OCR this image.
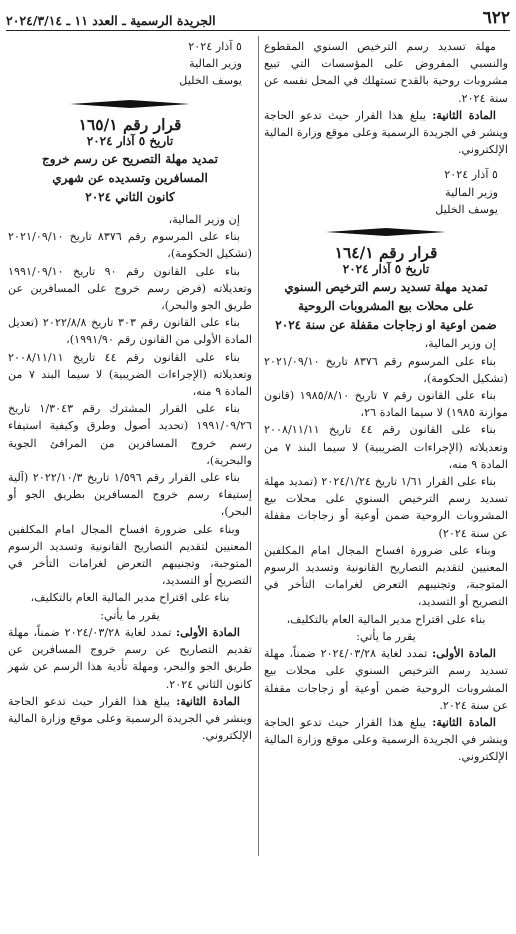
٦٢٢
الجريدة الرسمية ـ العدد ١١ ـ ٢٠٢٤/٣/١٤

مهلة تسديد رسم الترخيص السنوي المقطوع والنسبي المفروض على المؤسسات التي تبيع مشروبات روحية بالقدح تستهلك في المحل نفسه عن سنة ٢٠٢٤.

المادة الثانية: يبلغ هذا القرار حيث تدعو الحاجة وينشر في الجريدة الرسمية وعلى موقع وزارة المالية الإلكتروني.

٥ آذار ٢٠٢٤

وزير المالية

يوسف الخليل

قرار رقم ١٦٤/١

تاريخ ٥ آذار ٢٠٢٤

تمديد مهلة تسديد رسم الترخيص السنوي

على محلات بيع المشروبات الروحية

ضمن اوعية او زجاجات مقفلة عن سنة ٢٠٢٤

إن وزير المالية،

بناء على المرسوم رقم ٨٣٧٦ تاريخ ٢٠٢١/٠٩/١٠ (تشكيل الحكومة)،

بناء على القانون رقم ٧ تاريخ ١٩٨٥/٨/١٠ (قانون موازنة ١٩٨٥) لا سيما المادة ٢٦،

بناء على القانون رقم ٤٤ تاريخ ٢٠٠٨/١١/١١ وتعديلاته (الإجراءات الضريبية) لا سيما البند ٧ من المادة ٩ منه،

بناء على القرار ١/٦١ تاريخ ٢٠٢٤/١/٢٤ (تمديد مهلة تسديد رسم الترخيص السنوي على محلات بيع المشروبات الروحية ضمن أوعية أو زجاجات مقفلة عن سنة ٢٠٢٤)

وبناء على ضرورة افساح المجال امام المكلفين المعنيين لتقديم التصاريح القانونية وتسديد الرسوم المتوجبة، وتجنيبهم التعرض لغرامات التأخر في التصريح أو التسديد،

بناء على اقتراح مدير المالية العام بالتكليف،

يقرر ما يأتي:

المادة الأولى: تمدد لغاية ٢٠٢٤/٠٣/٢٨ ضمناً، مهلة تسديد رسم الترخيص السنوي على محلات بيع المشروبات الروحية ضمن أوعية أو زجاجات مقفلة عن سنة ٢٠٢٤.

المادة الثانية: يبلغ هذا القرار حيث تدعو الحاجة وينشر في الجريدة الرسمية وعلى موقع وزارة المالية الإلكتروني.

٥ آذار ٢٠٢٤

وزير المالية

يوسف الخليل

قرار رقم ١٦٥/١

تاريخ ٥ آذار ٢٠٢٤

تمديد مهلة التصريح عن رسم خروج

المسافرين وتسديده عن شهري

كانون الثاني ٢٠٢٤

إن وزير المالية،

بناء على المرسوم رقم ٨٣٧٦ تاريخ ٢٠٢١/٠٩/١٠ (تشكيل الحكومة)،

بناء على القانون رقم ٩٠ تاريخ ١٩٩١/٠٩/١٠ وتعديلاته (فرض رسم خروج على المسافرين عن طريق الجو والبحر)،

بناء على القانون رقم ٣٠٣ تاريخ ٢٠٢٢/٨/٨ (تعديل المادة الأولى من القانون رقم ١٩٩١/٩٠)،

بناء على القانون رقم ٤٤ تاريخ ٢٠٠٨/١١/١١ وتعديلاته (الإجراءات الضريبية) لا سيما البند ٧ من المادة ٩ منه،

بناء على القرار المشترك رقم ١/٣٠٤٣ تاريخ ١٩٩١/٠٩/٢٦ (تحديد أصول وطرق وكيفية استيفاء رسم خروج المسافرين من المرافئ الجوية والبحرية)،

بناء على القرار رقم ١/٥٩٦ تاريخ ٢٠٢٢/١٠/٣ (آلية إستيفاء رسم خروج المسافرين بطريق الجو أو البحر)،

وبناء على ضرورة افساح المجال امام المكلفين المعنيين لتقديم التصاريح القانونية وتسديد الرسوم المتوجبة، وتجنيبهم التعرض لغرامات التأخر في التصريح أو التسديد،

بناء على اقتراح مدير المالية العام بالتكليف،

يقرر ما يأتي:

المادة الأولى: تمدد لغاية ٢٠٢٤/٠٣/٢٨ ضمناً، مهلة تقديم التصاريح عن رسم خروج المسافرين عن طريق الجو والبحر، ومهلة تأدية هذا الرسم عن شهر كانون الثاني ٢٠٢٤.

المادة الثانية: يبلغ هذا القرار حيث تدعو الحاجة وينشر في الجريدة الرسمية وعلى موقع وزارة المالية الإلكتروني.
